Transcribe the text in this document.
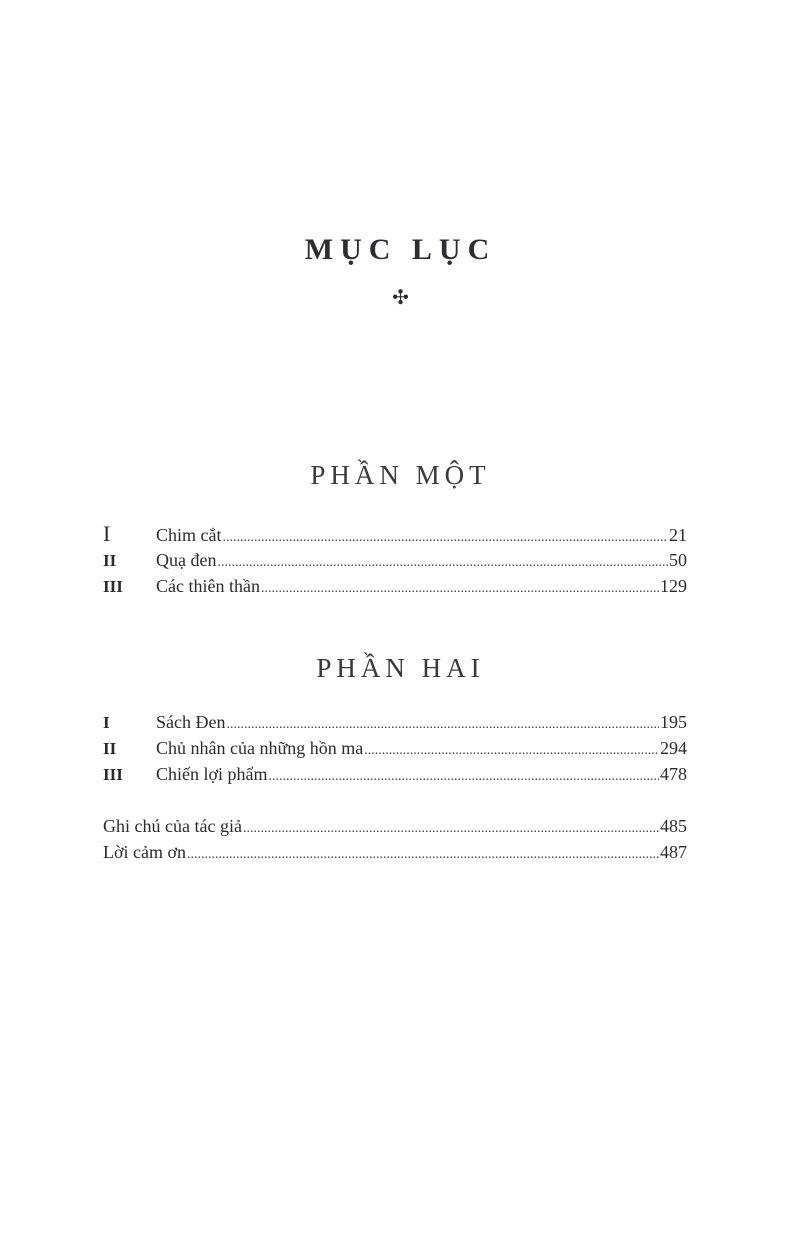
MỤC LỤC
✣
PHẦN MỘT
I	Chim cắt .....	21
II	Quạ đen .....	50
III	Các thiên thần .....	129
PHẦN HAI
I	Sách Đen .....	195
II	Chủ nhân của những hồn ma .....	294
III	Chiến lợi phẩm .....	478
Ghi chú của tác giả .....	485
Lời cảm ơn .....	487
